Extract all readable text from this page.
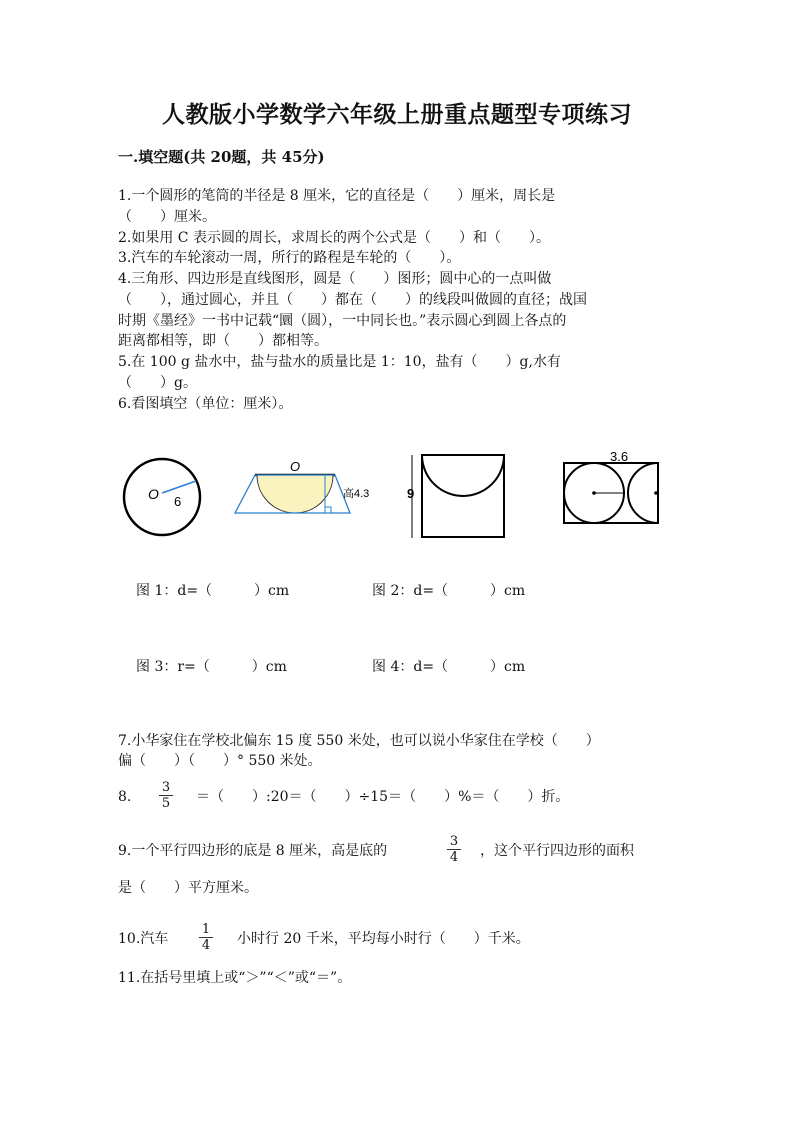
人教版小学数学六年级上册重点题型专项练习
一.填空题(共 20题，共 45分)
1.一个圆形的笔筒的半径是 8 厘米，它的直径是（　　）厘米，周长是
（　　）厘米。
2.如果用 C 表示圆的周长，求周长的两个公式是（　　）和（　　）。
3.汽车的车轮滚动一周，所行的路程是车轮的（　　）。
4.三角形、四边形是直线图形，圆是（　　）图形；圆中心的一点叫做
（　　），通过圆心，并且（　　）都在（　　）的线段叫做圆的直径；战国
时期《墨经》一书中记载“圜（圆），一中同长也。”表示圆心到圆上各点的
距离都相等，即（　　）都相等。
5.在 100 g 盐水中，盐与盐水的质量比是 1：10，盐有（　　）g,水有
（　　）g。
6.看图填空（单位：厘米）。
O 6
O
高4.3	9
3.6
图 1：d=（　　　）cm	图 2：d=（　　　）cm
图 3：r=（　　　）cm	图 4：d=（　　　）cm
7.小华家住在学校北偏东 15 度 550 米处，也可以说小华家住在学校（　　）
偏（　　）（　　）° 550 米处。
8. $\frac{3}{5}$ ＝（　　）:20＝（　　）÷15＝（　　）%＝（　　）折。
9.一个平行四边形的底是 8 厘米，高是底的	$\frac{3}{4}$ ，这个平行四边形的面积
是（　　）平方厘米。
10.汽车 $\frac{1}{4}$ 小时行 20 千米，平均每小时行（　　）千米。
11.在括号里填上或“＞”“＜”或“＝”。
